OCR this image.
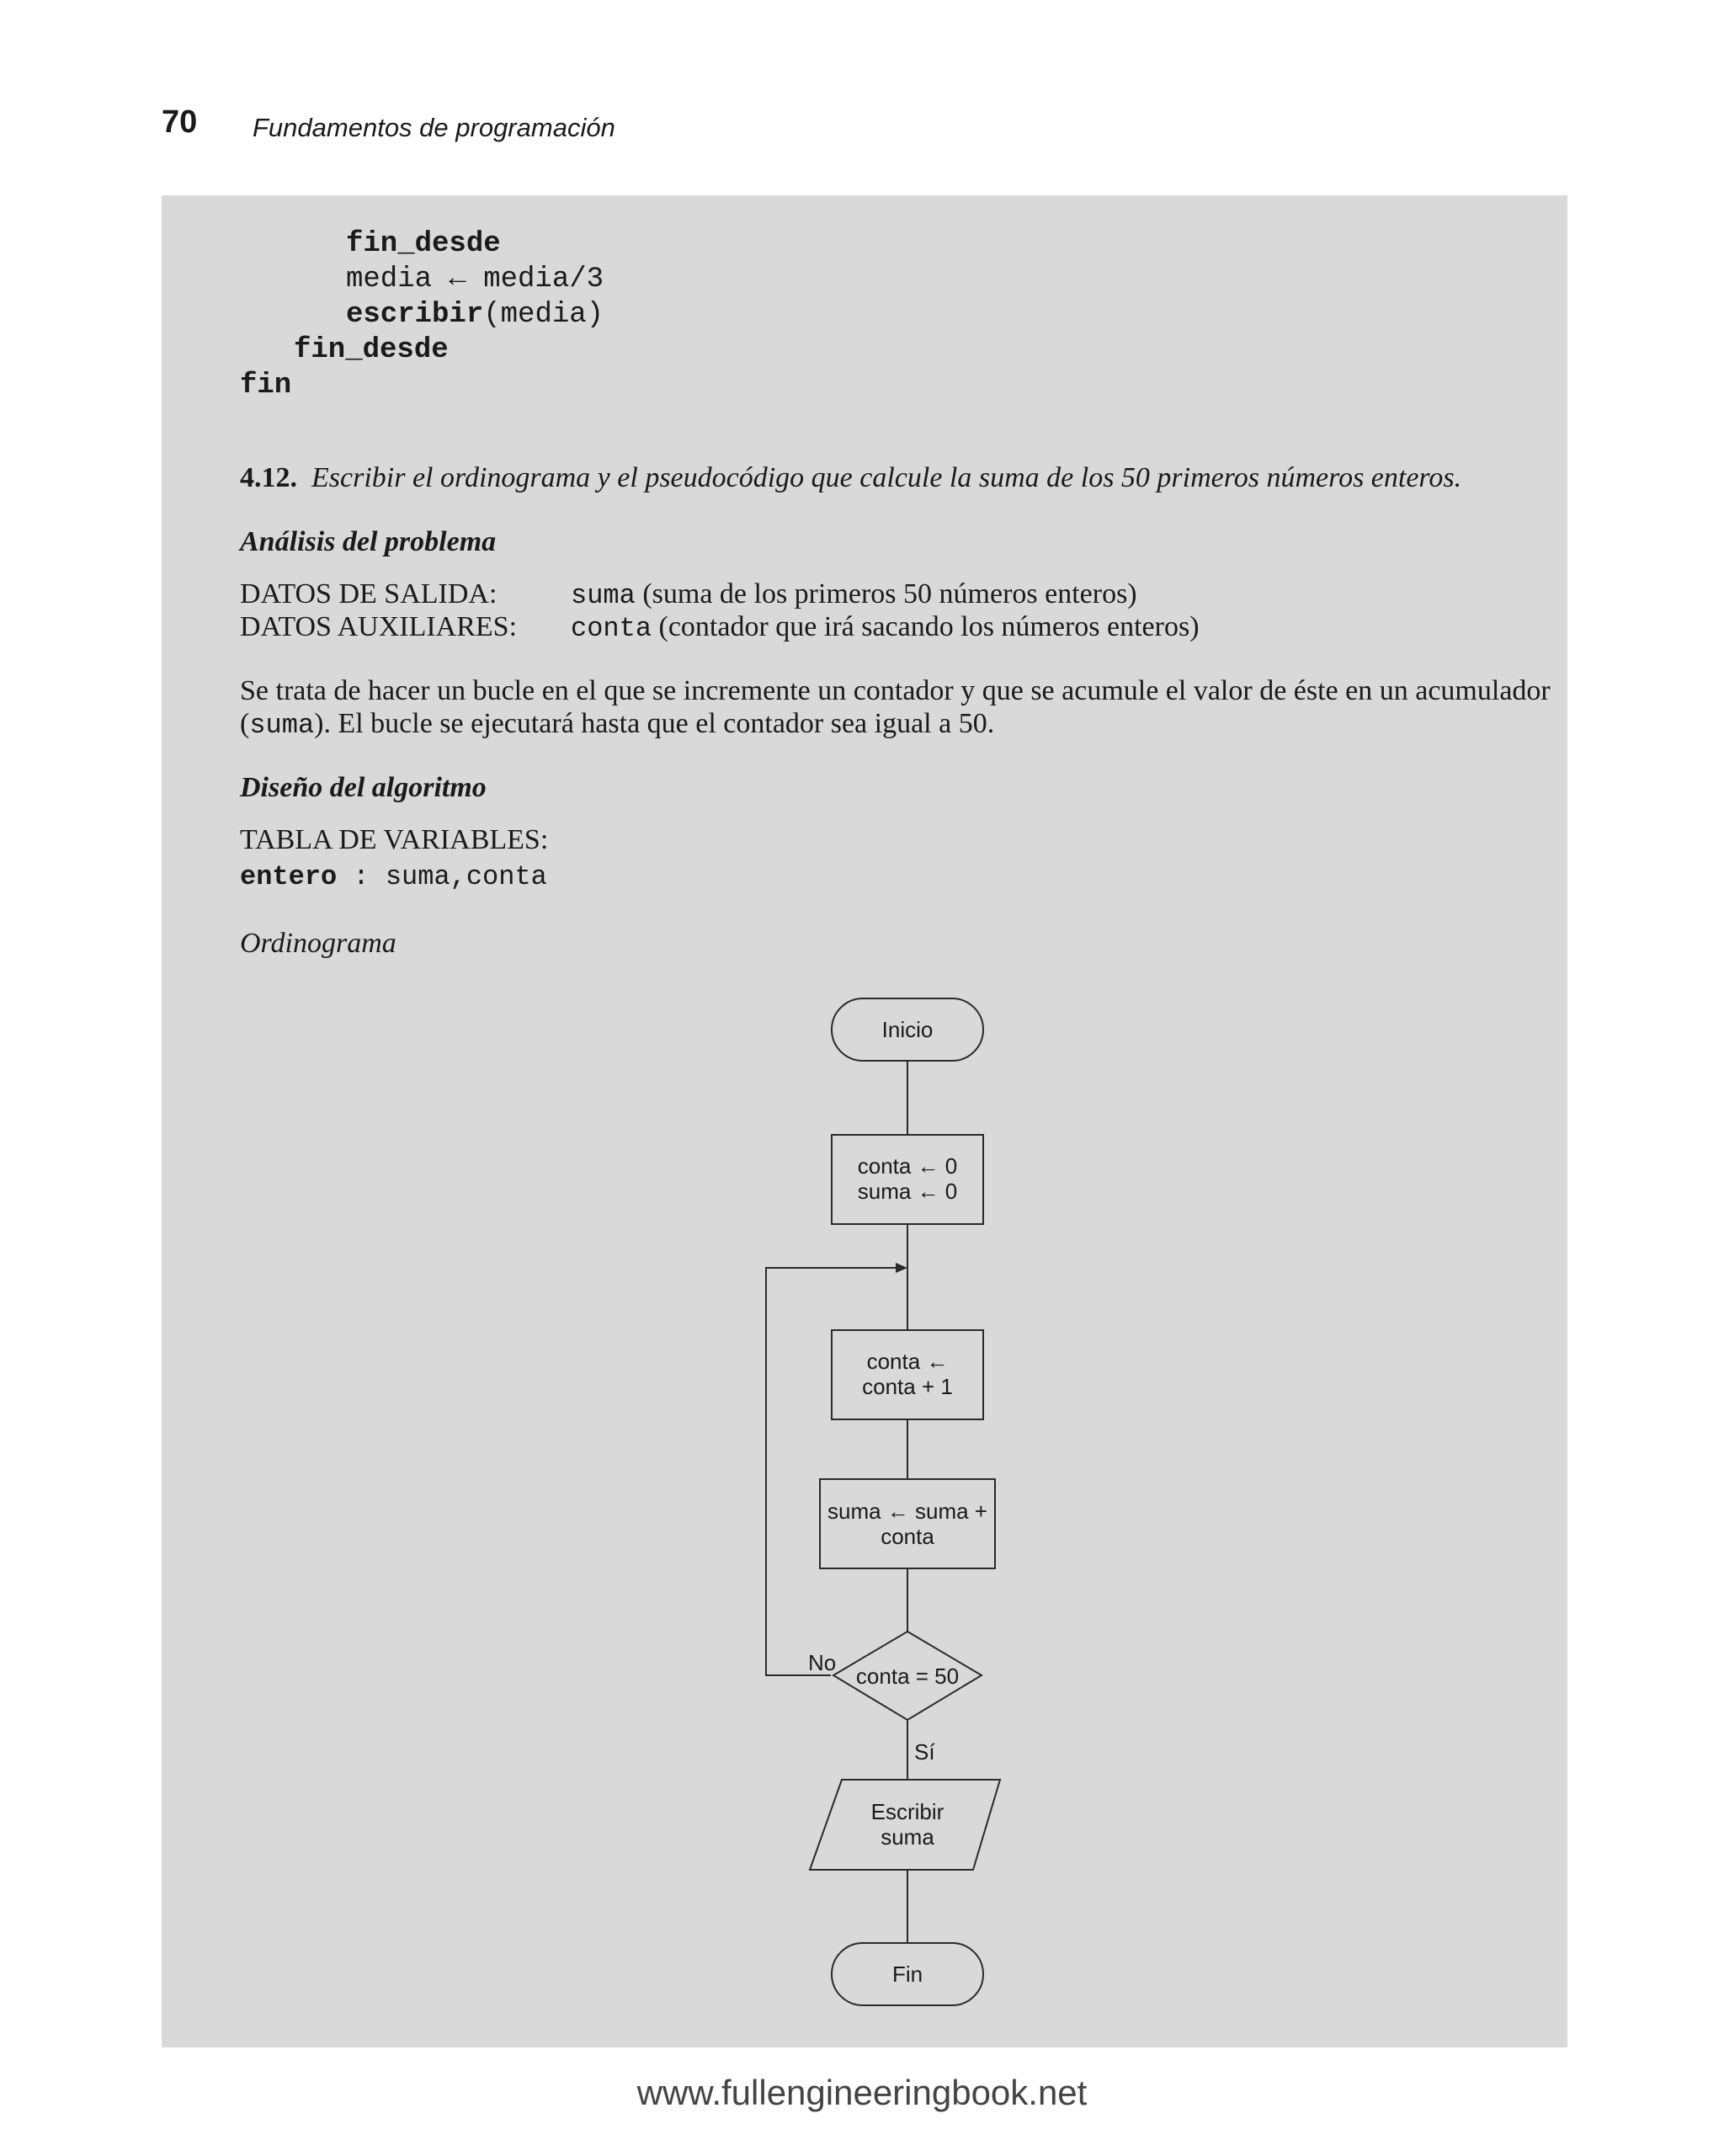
70 Fundamentos de programación
fin_desde
media ← media/3
escribir(media)
fin_desde
fin
4.12. Escribir el ordinograma y el pseudocódigo que calcule la suma de los 50 primeros números enteros.
Análisis del problema
DATOS DE SALIDA:	suma (suma de los primeros 50 números enteros)
DATOS AUXILIARES: conta (contador que irá sacando los números enteros)
Se trata de hacer un bucle en el que se incremente un contador y que se acumule el valor de éste en un acumulador
(suma). El bucle se ejecutará hasta que el contador sea igual a 50.
Diseño del algoritmo
TABLA DE VARIABLES:
entero : suma,conta
Ordinograma
Inicio
conta ← 0
suma ← 0
conta ←
conta + 1
suma ← suma +
conta
conta = 50
Escribir
suma
Fin
No
Sí
www.fullengineeringbook.net
